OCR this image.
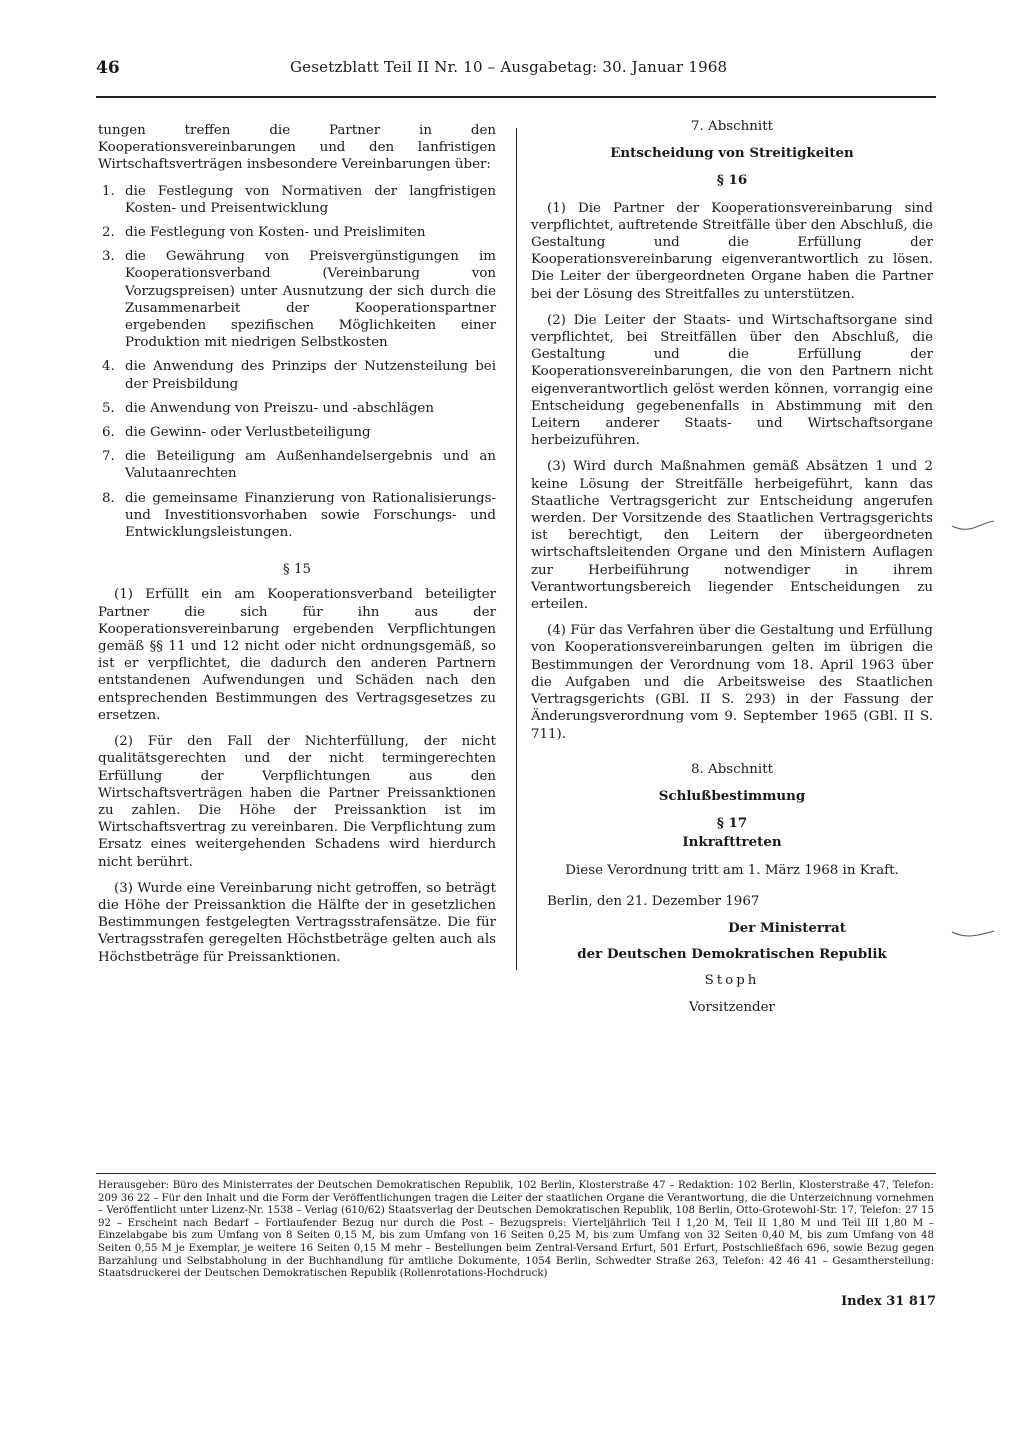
46	Gesetzblatt Teil II Nr. 10 – Ausgabetag: 30. Januar 1968

tungen treffen die Partner in den Kooperationsvereinbarungen und den lanfristigen Wirtschaftsverträgen insbesondere Vereinbarungen über:

1. die Festlegung von Normativen der langfristigen Kosten- und Preisentwicklung
2. die Festlegung von Kosten- und Preislimiten
3. die Gewährung von Preisvergünstigungen im Kooperationsverband (Vereinbarung von Vorzugspreisen) unter Ausnutzung der sich durch die Zusammenarbeit der Kooperationspartner ergebenden spezifischen Möglichkeiten einer Produktion mit niedrigen Selbstkosten
4. die Anwendung des Prinzips der Nutzensteilung bei der Preisbildung
5. die Anwendung von Preiszu- und -abschlägen
6. die Gewinn- oder Verlustbeteiligung
7. die Beteiligung am Außenhandelsergebnis und an Valutaanrechten
8. die gemeinsame Finanzierung von Rationalisierungs- und Investitionsvorhaben sowie Forschungs- und Entwicklungsleistungen.
§ 15

(1) Erfüllt ein am Kooperationsverband beteiligter Partner die sich für ihn aus der Kooperationsvereinbarung ergebenden Verpflichtungen gemäß §§ 11 und 12 nicht oder nicht ordnungsgemäß, so ist er verpflichtet, die dadurch den anderen Partnern entstandenen Aufwendungen und Schäden nach den entsprechenden Bestimmungen des Vertragsgesetzes zu ersetzen.

(2) Für den Fall der Nichterfüllung, der nicht qualitätsgerechten und der nicht termingerechten Erfüllung der Verpflichtungen aus den Wirtschaftsverträgen haben die Partner Preissanktionen zu zahlen. Die Höhe der Preissanktion ist im Wirtschaftsvertrag zu vereinbaren. Die Verpflichtung zum Ersatz eines weitergehenden Schadens wird hierdurch nicht berührt.

(3) Wurde eine Vereinbarung nicht getroffen, so beträgt die Höhe der Preissanktion die Hälfte der in gesetzlichen Bestimmungen festgelegten Vertragsstrafensätze. Die für Vertragsstrafen geregelten Höchstbeträge gelten auch als Höchstbeträge für Preissanktionen.

7. Abschnitt
Entscheidung von Streitigkeiten
§ 16

(1) Die Partner der Kooperationsvereinbarung sind verpflichtet, auftretende Streitfälle über den Abschluß, die Gestaltung und die Erfüllung der Kooperationsvereinbarung eigenverantwortlich zu lösen. Die Leiter der übergeordneten Organe haben die Partner bei der Lösung des Streitfalles zu unterstützen.

(2) Die Leiter der Staats- und Wirtschaftsorgane sind verpflichtet, bei Streitfällen über den Abschluß, die Gestaltung und die Erfüllung der Kooperationsvereinbarungen, die von den Partnern nicht eigenverantwortlich gelöst werden können, vorrangig eine Entscheidung gegebenenfalls in Abstimmung mit den Leitern anderer Staats- und Wirtschaftsorgane herbeizuführen.

(3) Wird durch Maßnahmen gemäß Absätzen 1 und 2 keine Lösung der Streitfälle herbeigeführt, kann das Staatliche Vertragsgericht zur Entscheidung angerufen werden. Der Vorsitzende des Staatlichen Vertragsgerichts ist berechtigt, den Leitern der übergeordneten wirtschaftsleitenden Organe und den Ministern Auflagen zur Herbeiführung notwendiger in ihrem Verantwortungsbereich liegender Entscheidungen zu erteilen.

(4) Für das Verfahren über die Gestaltung und Erfüllung von Kooperationsvereinbarungen gelten im übrigen die Bestimmungen der Verordnung vom 18. April 1963 über die Aufgaben und die Arbeitsweise des Staatlichen Vertragsgerichts (GBl. II S. 293) in der Fassung der Änderungsverordnung vom 9. September 1965 (GBl. II S. 711).

8. Abschnitt
Schlußbestimmung
§ 17
Inkrafttreten

Diese Verordnung tritt am 1. März 1968 in Kraft.

Berlin, den 21. Dezember 1967

Der Ministerrat

der Deutschen Demokratischen Republik

Stoph

Vorsitzender

Herausgeber: Büro des Ministerrates der Deutschen Demokratischen Republik, 102 Berlin, Klosterstraße 47 – Redaktion: 102 Berlin, Klosterstraße 47, Telefon: 209 36 22 – Für den Inhalt und die Form der Veröffentlichungen tragen die Leiter der staatlichen Organe die Verantwortung, die die Unterzeichnung vornehmen – Veröffentlicht unter Lizenz-Nr. 1538 – Verlag (610/62) Staatsverlag der Deutschen Demokratischen Republik, 108 Berlin, Otto-Grotewohl-Str. 17, Telefon: 27 15 92 – Erscheint nach Bedarf – Fortlaufender Bezug nur durch die Post – Bezugspreis: Vierteljährlich Teil I 1,20 M, Teil II 1,80 M und Teil III 1,80 M – Einzelabgabe bis zum Umfang von 8 Seiten 0,15 M, bis zum Umfang von 16 Seiten 0,25 M, bis zum Umfang von 32 Seiten 0,40 M, bis zum Umfang von 48 Seiten 0,55 M je Exemplar, je weitere 16 Seiten 0,15 M mehr – Bestellungen beim Zentral-Versand Erfurt, 501 Erfurt, Postschließfach 696, sowie Bezug gegen Barzahlung und Selbstabholung in der Buchhandlung für amtliche Dokumente, 1054 Berlin, Schwedter Straße 263, Telefon: 42 46 41 – Gesamtherstellung: Staatsdruckerei der Deutschen Demokratischen Republik (Rollenrotations-Hochdruck)
Index 31 817
